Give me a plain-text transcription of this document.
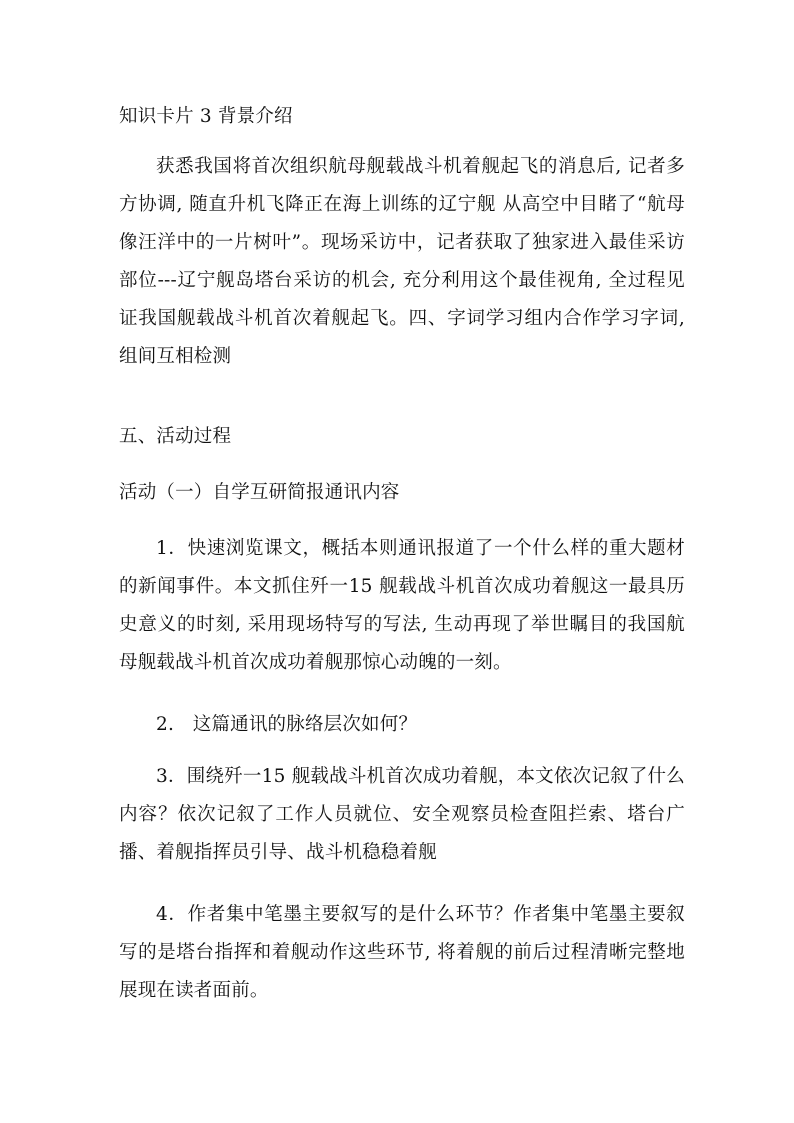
知识卡片 3 背景介绍

获悉我国将首次组织航母舰载战斗机着舰起飞的消息后, 记者多方协调, 随直升机飞降正在海上训练的辽宁舰 从高空中目睹了“航母像汪洋中的一片树叶”。现场采访中，记者获取了独家进入最佳采访部位---辽宁舰岛塔台采访的机会, 充分利用这个最佳视角, 全过程见证我国舰载战斗机首次着舰起飞。四、字词学习组内合作学习字词,组间互相检测

五、活动过程

活动（一）自学互研简报通讯内容

1．快速浏览课文，概括本则通讯报道了一个什么样的重大题材的新闻事件。本文抓住歼一15 舰载战斗机首次成功着舰这一最具历史意义的时刻, 采用现场特写的写法, 生动再现了举世瞩目的我国航母舰载战斗机首次成功着舰那惊心动魄的一刻。

2.　这篇通讯的脉络层次如何？

3．围绕歼一15 舰载战斗机首次成功着舰，本文依次记叙了什么内容？依次记叙了工作人员就位、安全观察员检查阻拦索、塔台广播、着舰指挥员引导、战斗机稳稳着舰

4．作者集中笔墨主要叙写的是什么环节？作者集中笔墨主要叙写的是塔台指挥和着舰动作这些环节, 将着舰的前后过程清晰完整地展现在读者面前。
